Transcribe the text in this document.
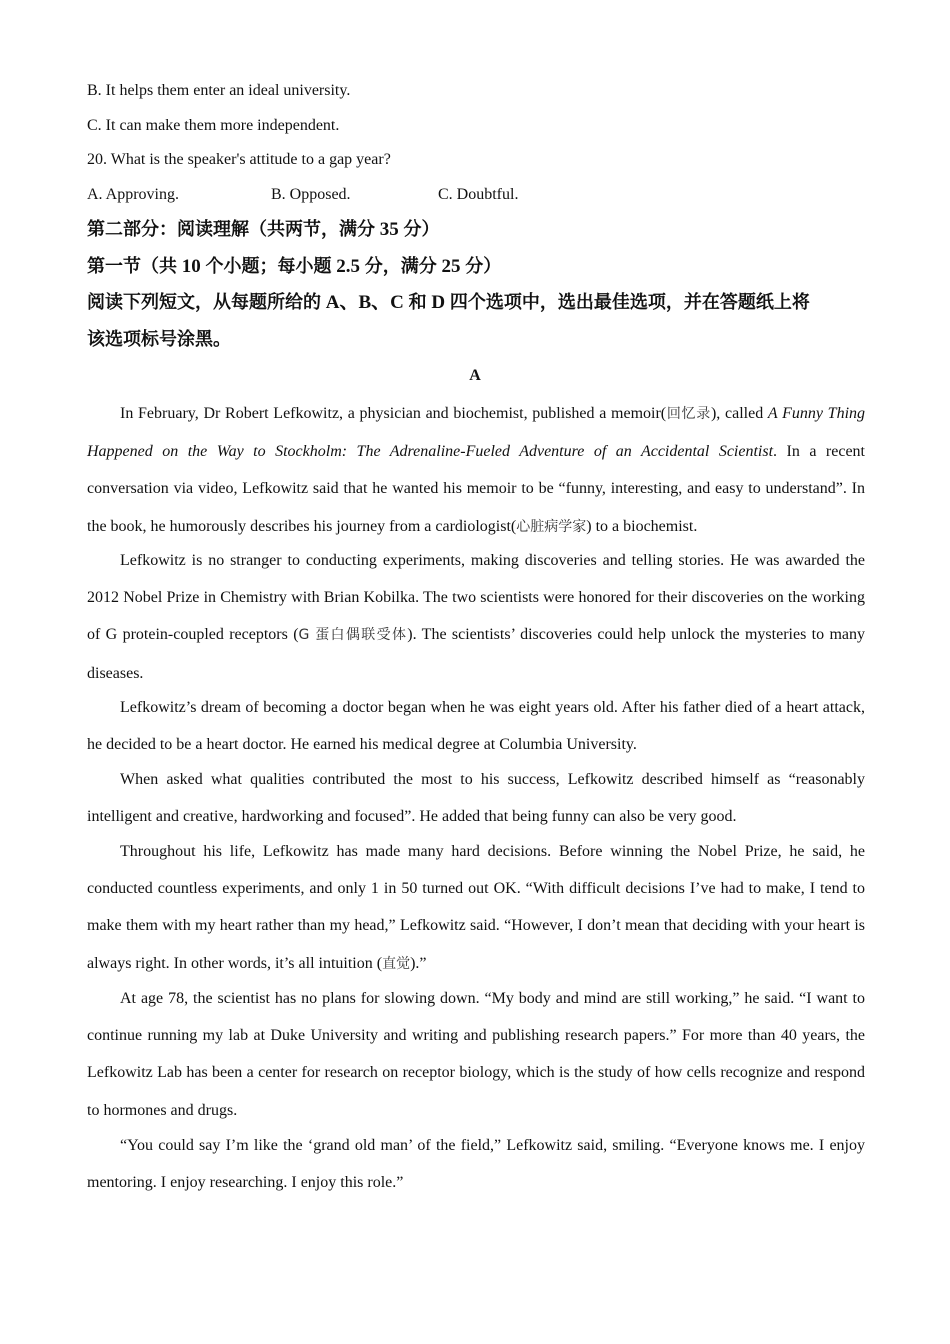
B. It helps them enter an ideal university.
C. It can make them more independent.
20. What is the speaker's attitude to a gap year?
A. Approving.	B. Opposed.	C. Doubtful.
第二部分：阅读理解（共两节，满分 35 分）
第一节（共 10 个小题；每小题 2.5 分，满分 25 分）
阅读下列短文，从每题所给的 A、B、C 和 D 四个选项中，选出最佳选项，并在答题纸上将
该选项标号涂黑。
A

In February, Dr Robert Lefkowitz, a physician and biochemist, published a memoir(回忆录), called A Funny Thing Happened on the Way to Stockholm: The Adrenaline-Fueled Adventure of an Accidental Scientist. In a recent conversation via video, Lefkowitz said that he wanted his memoir to be “funny, interesting, and easy to understand”. In the book, he humorously describes his journey from a cardiologist(心脏病学家) to a biochemist.

Lefkowitz is no stranger to conducting experiments, making discoveries and telling stories. He was awarded the 2012 Nobel Prize in Chemistry with Brian Kobilka. The two scientists were honored for their discoveries on the working of G protein-coupled receptors (G 蛋白偶联受体). The scientists’ discoveries could help unlock the mysteries to many diseases.

Lefkowitz’s dream of becoming a doctor began when he was eight years old. After his father died of a heart attack, he decided to be a heart doctor. He earned his medical degree at Columbia University.

When asked what qualities contributed the most to his success, Lefkowitz described himself as “reasonably intelligent and creative, hardworking and focused”. He added that being funny can also be very good.

Throughout his life, Lefkowitz has made many hard decisions. Before winning the Nobel Prize, he said, he conducted countless experiments, and only 1 in 50 turned out OK. “With difficult decisions I’ve had to make, I tend to make them with my heart rather than my head,” Lefkowitz said. “However, I don’t mean that deciding with your heart is always right. In other words, it’s all intuition (直觉).”

At age 78, the scientist has no plans for slowing down. “My body and mind are still working,” he said. “I want to continue running my lab at Duke University and writing and publishing research papers.” For more than 40 years, the Lefkowitz Lab has been a center for research on receptor biology, which is the study of how cells recognize and respond to hormones and drugs.

“You could say I’m like the ‘grand old man’ of the field,” Lefkowitz said, smiling. “Everyone knows me. I enjoy mentoring. I enjoy researching. I enjoy this role.”
